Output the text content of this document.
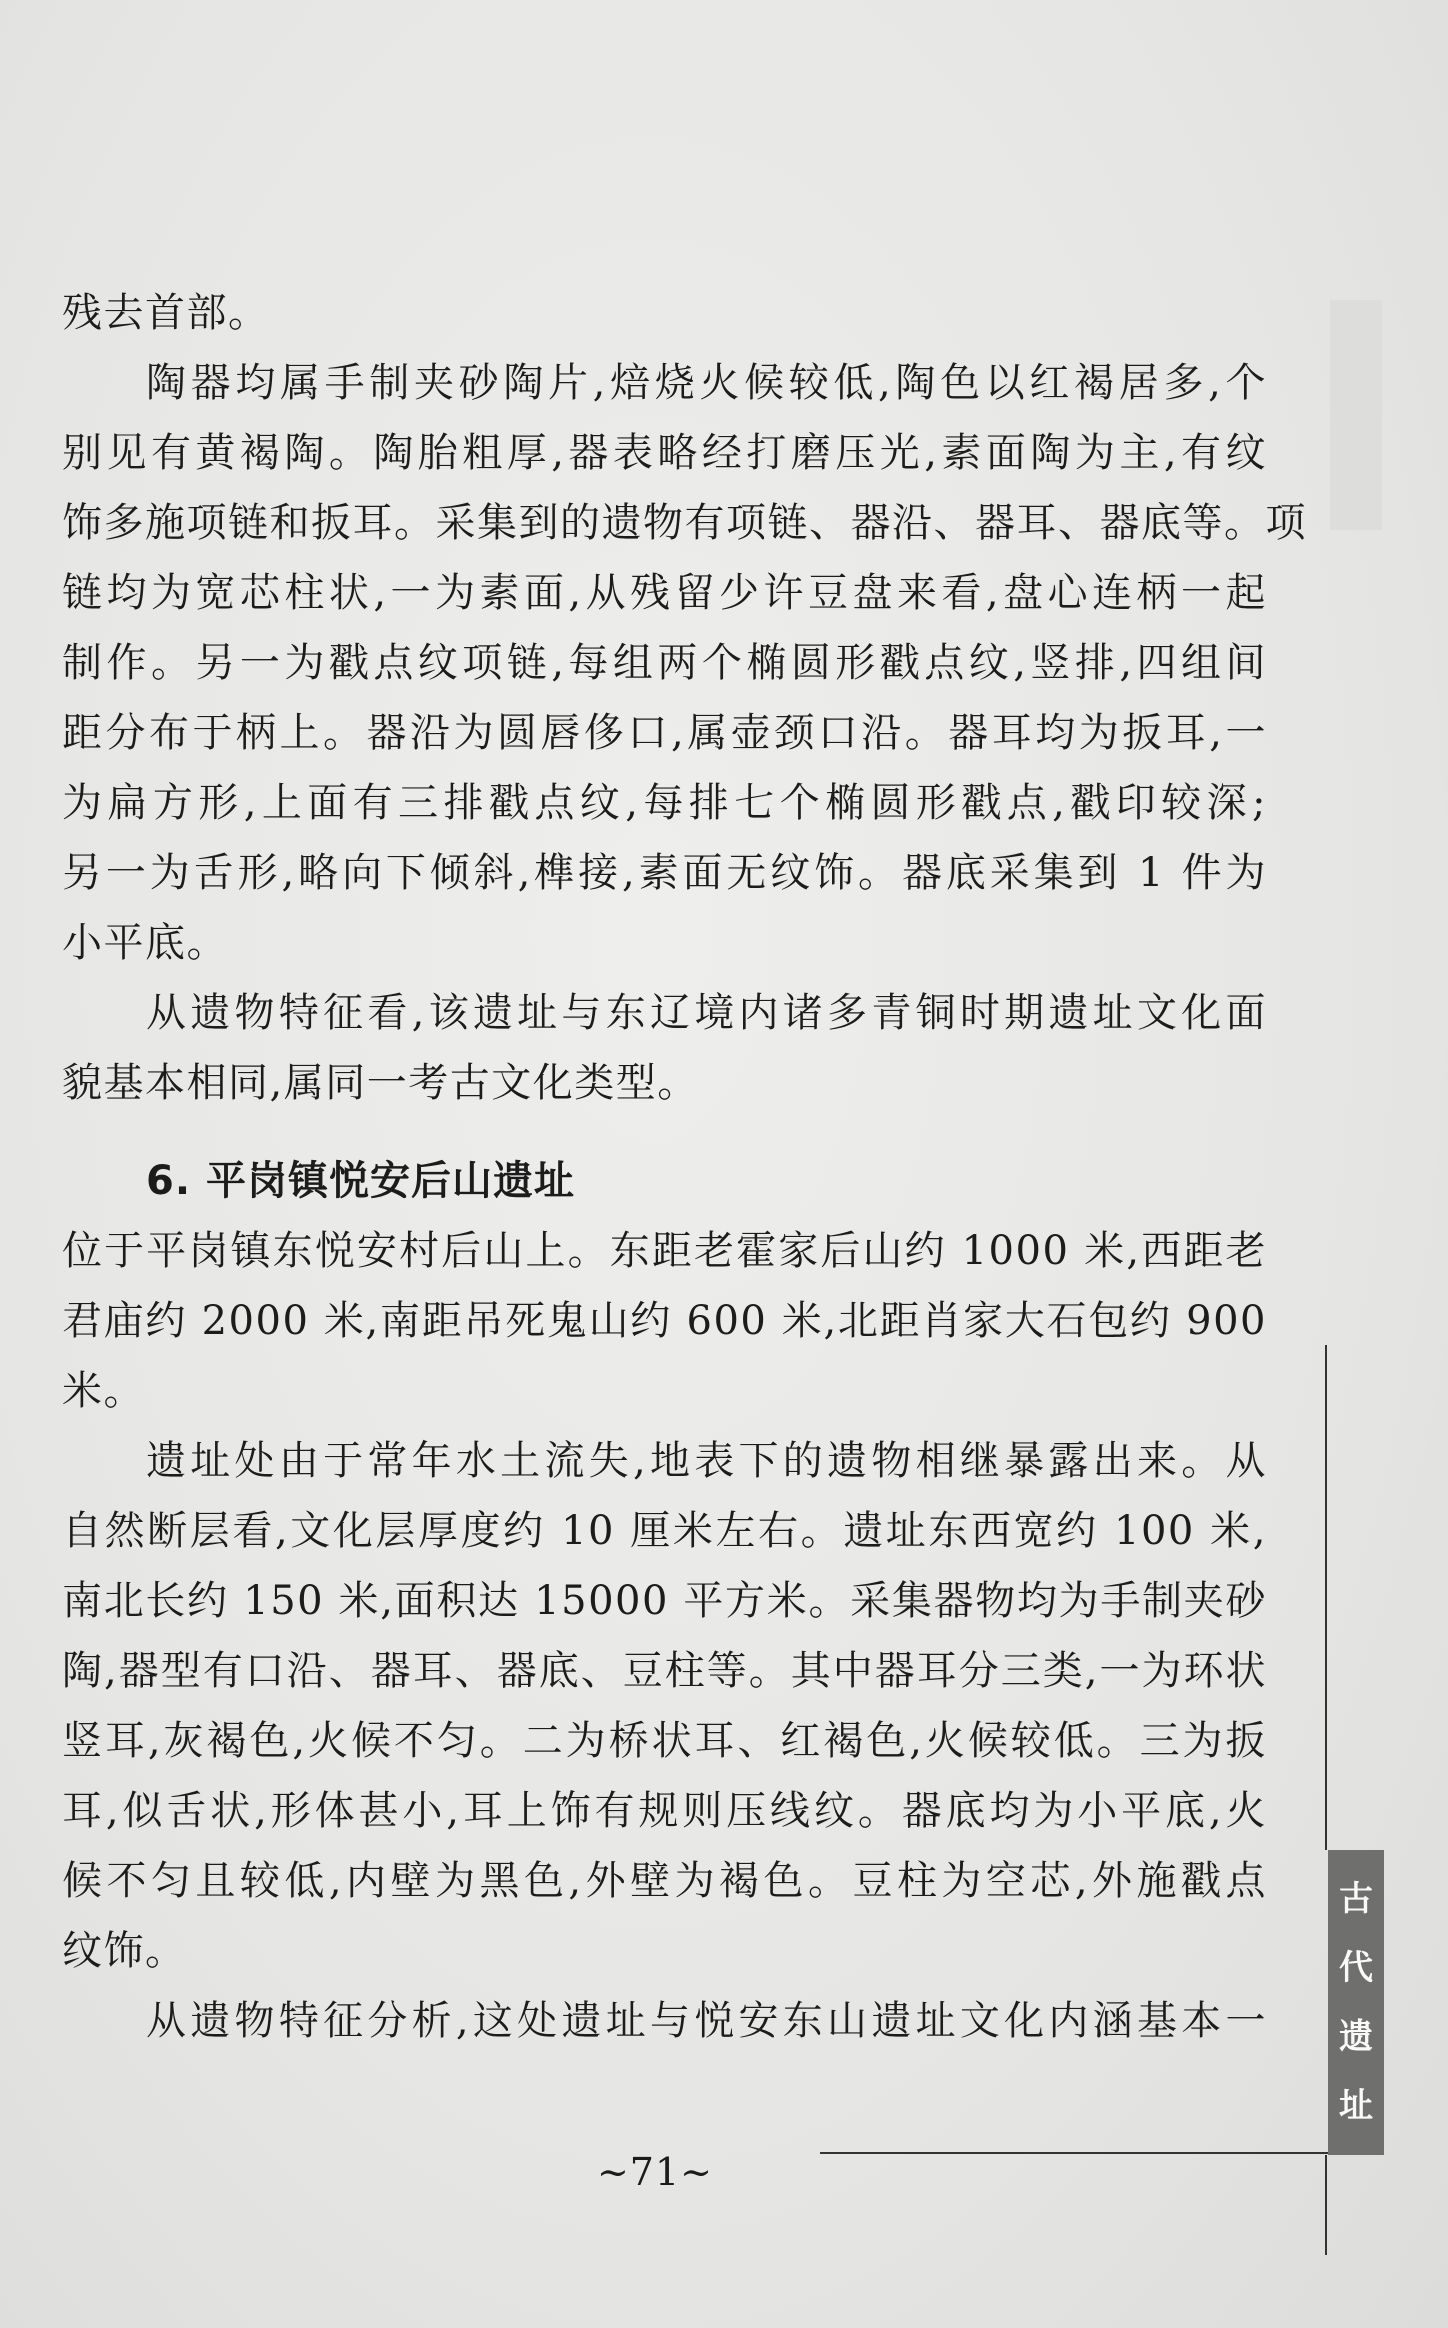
残去首部。
陶器均属手制夹砂陶片,焙烧火候较低,陶色以红褐居多,个
别见有黄褐陶。陶胎粗厚,器表略经打磨压光,素面陶为主,有纹
饰多施项链和扳耳。采集到的遗物有项链、器沿、器耳、器底等。项
链均为宽芯柱状,一为素面,从残留少许豆盘来看,盘心连柄一起
制作。另一为戳点纹项链,每组两个椭圆形戳点纹,竖排,四组间
距分布于柄上。器沿为圆唇侈口,属壶颈口沿。器耳均为扳耳,一
为扁方形,上面有三排戳点纹,每排七个椭圆形戳点,戳印较深;
另一为舌形,略向下倾斜,榫接,素面无纹饰。器底采集到 1 件为
小平底。
从遗物特征看,该遗址与东辽境内诸多青铜时期遗址文化面
貌基本相同,属同一考古文化类型。
6. 平岗镇悦安后山遗址
位于平岗镇东悦安村后山上。东距老霍家后山约 1000 米,西距老
君庙约 2000 米,南距吊死鬼山约 600 米,北距肖家大石包约 900
米。
遗址处由于常年水土流失,地表下的遗物相继暴露出来。从
自然断层看,文化层厚度约 10 厘米左右。遗址东西宽约 100 米,
南北长约 150 米,面积达 15000 平方米。采集器物均为手制夹砂
陶,器型有口沿、器耳、器底、豆柱等。其中器耳分三类,一为环状
竖耳,灰褐色,火候不匀。二为桥状耳、红褐色,火候较低。三为扳
耳,似舌状,形体甚小,耳上饰有规则压线纹。器底均为小平底,火
候不匀且较低,内壁为黑色,外壁为褐色。豆柱为空芯,外施戳点
纹饰。
从遗物特征分析,这处遗址与悦安东山遗址文化内涵基本一
~71~
古
代
遗
址
